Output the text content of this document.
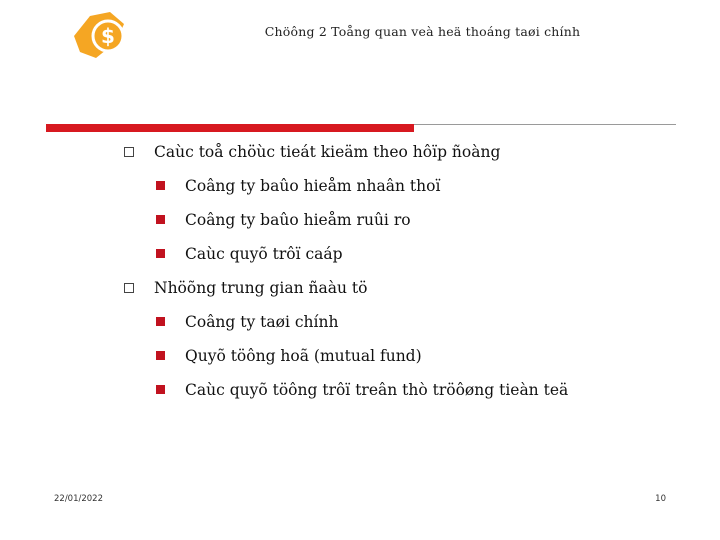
$	Chöông 2 Toång quan veà heä thoáng taøi chính
Caùc toå chöùc tieát kieäm theo hôïp ñoàng
Coâng ty baûo hieåm nhaân thoï
Coâng ty baûo hieåm ruûi ro
Caùc quyõ trôï caáp
Nhöõng trung gian ñaàu tö
Coâng ty taøi chính
Quyõ töông hoã (mutual fund)
Caùc quyõ töông trôï treân thò tröôøng tieàn teä
22/01/2022	10
